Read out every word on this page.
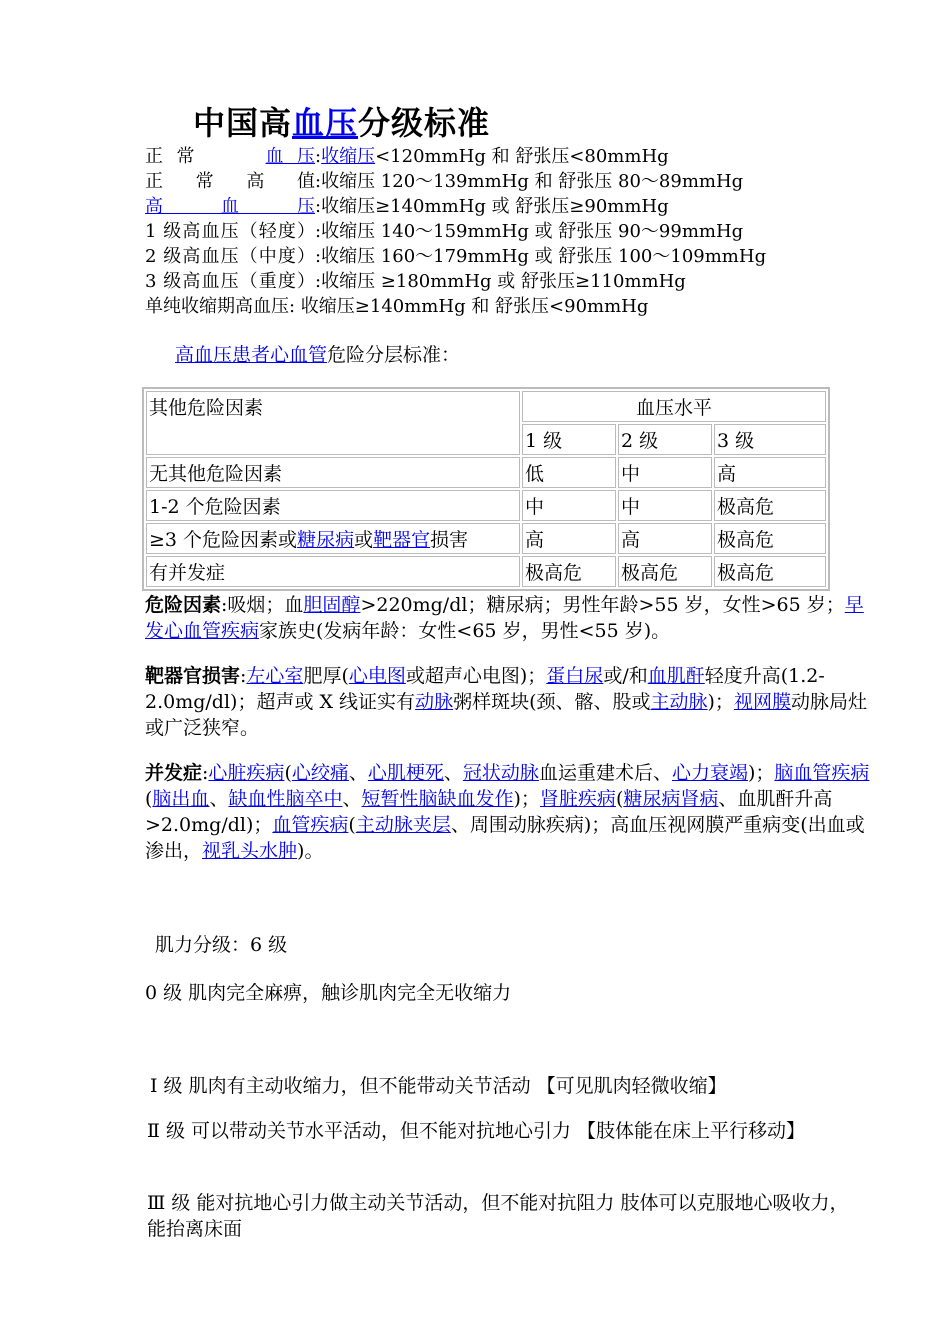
中国高血压分级标准
正常	血压:收缩压<120mmHg 和 舒张压<80mmHg
正常高值:收缩压 120～139mmHg 和 舒张压 80～89mmHg
高血压:收缩压≥140mmHg 或 舒张压≥90mmHg
1 级高血压（轻度）:收缩压 140～159mmHg 或 舒张压 90～99mmHg
2 级高血压（中度）:收缩压 160～179mmHg 或 舒张压 100～109mmHg
3 级高血压（重度）:收缩压 ≥180mmHg 或 舒张压≥110mmHg
单纯收缩期高血压: 收缩压≥140mmHg 和 舒张压<90mmHg
高血压患者心血管危险分层标准：
其他危险因素	血压水平		
	1 级	2 级	3 级
无其他危险因素	低	中	高
1-2 个危险因素	中	中	极高危
≥3 个危险因素或糖尿病或靶器官损害	高	高	极高危
有并发症	极高危	极高危	极高危
危险因素:吸烟；血胆固醇>220mg/dl；糖尿病；男性年龄>55 岁，女性>65 岁；早发心血管疾病家族史(发病年龄：女性<65 岁，男性<55 岁)。
靶器官损害:左心室肥厚(心电图或超声心电图)；蛋白尿或/和血肌酐轻度升高(1.2-2.0mg/dl)；超声或 X 线证实有动脉粥样斑块(颈、髂、股或主动脉)；视网膜动脉局灶或广泛狭窄。
并发症:心脏疾病(心绞痛、心肌梗死、冠状动脉血运重建术后、心力衰竭)；脑血管疾病(脑出血、缺血性脑卒中、短暂性脑缺血发作)；肾脏疾病(糖尿病肾病、血肌酐升高>2.0mg/dl)；血管疾病(主动脉夹层、周围动脉疾病)；高血压视网膜严重病变(出血或渗出，视乳头水肿)。
肌力分级：6 级
0 级 肌肉完全麻痹，触诊肌肉完全无收缩力
Ⅰ 级 肌肉有主动收缩力，但不能带动关节活动 【可见肌肉轻微收缩】
Ⅱ 级 可以带动关节水平活动，但不能对抗地心引力 【肢体能在床上平行移动】
Ⅲ 级 能对抗地心引力做主动关节活动，但不能对抗阻力 肢体可以克服地心吸收力，能抬离床面
